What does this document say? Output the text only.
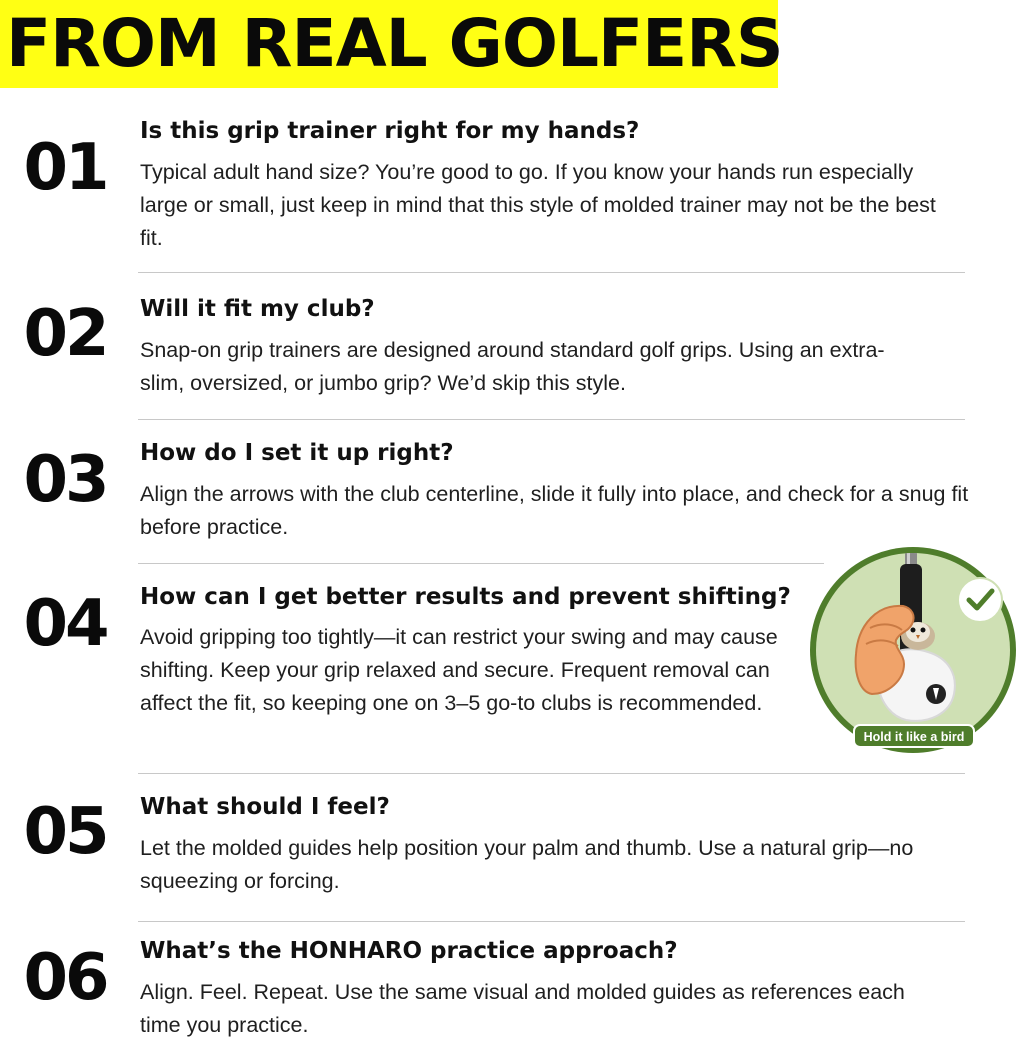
FROM REAL GOLFERS
01	Is this grip trainer right for my hands?
Typical adult hand size? You’re good to go. If you know your hands run especially large or small, just keep in mind that this style of molded trainer may not be the best fit.
02	Will it fit my club?
Snap-on grip trainers are designed around standard golf grips. Using an extra-slim, oversized, or jumbo grip? We’d skip this style.
03	How do I set it up right?
Align the arrows with the club centerline, slide it fully into place, and check for a snug fit before practice.
04	How can I get better results and prevent shifting?
Avoid gripping too tightly—it can restrict your swing and may cause shifting. Keep your grip relaxed and secure. Frequent removal can affect the fit, so keeping one on 3–5 go-to clubs is recommended.
05	What should I feel?
Let the molded guides help position your palm and thumb. Use a natural grip—no squeezing or forcing.
06	What’s the HONHARO practice approach?
Align. Feel. Repeat. Use the same visual and molded guides as references each time you practice.
Hold it like a bird
